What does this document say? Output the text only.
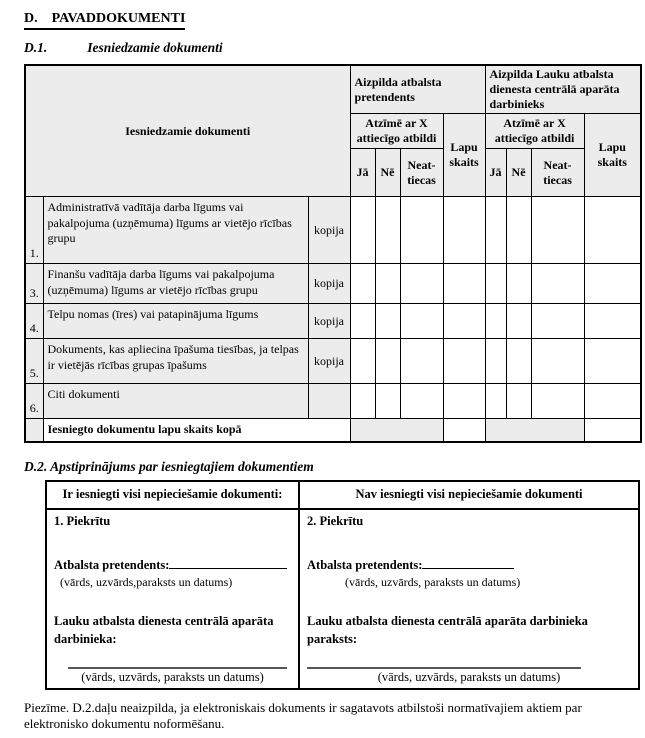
D. PAVADDOKUMENTI
D.1.	Iesniedzamie dokumenti
Iesniedzamie dokumenti			Aizpilda atbalsta pretendents				Aizpilda Lauku atbalsta dienesta centrālā aparāta darbinieks			
			Atzīmē ar X attiecīgo atbildi			Lapu skaits	Atzīmē ar X attiecīgo atbildi			Lapu skaits
			Jā	Nē	Neat-tiecas		Jā	Nē	Neat-tiecas	
1.	Administratīvā vadītāja darba līgums vai pakalpojuma (uzņēmuma) līgums ar vietējo rīcības grupu	kopija								
3.	Finanšu vadītāja darba līgums vai pakalpojuma (uzņēmuma) līgums ar vietējo rīcības grupu	kopija								
4.	Telpu nomas (īres) vai patapinājuma līgums	kopija								
5.	Dokuments, kas apliecina īpašuma tiesības, ja telpas ir vietējās rīcības grupas īpašums	kopija								
6.	Citi dokumenti									
	Iesniegto dokumentu lapu skaits kopā									
D.2. Apstiprinājums par iesniegtajiem dokumentiem
Ir iesniegti visi nepieciešamie dokumenti:	Nav iesniegti visi nepieciešamie dokumenti

1. Piekrītu
Atbalsta pretendents:
(vārds, uzvārds,paraksts un datums)
Lauku atbalsta dienesta centrālā aparāta darbinieka:
(vārds, uzvārds, paraksts un datums)

2. Piekrītu
Atbalsta pretendents:
(vārds, uzvārds, paraksts un datums)
Lauku atbalsta dienesta centrālā aparāta darbinieka paraksts:
(vārds, uzvārds, paraksts un datums)
Piezīme. D.2.daļu neaizpilda, ja elektroniskais dokuments ir sagatavots atbilstoši normatīvajiem aktiem par elektronisko dokumentu noformēšanu.
